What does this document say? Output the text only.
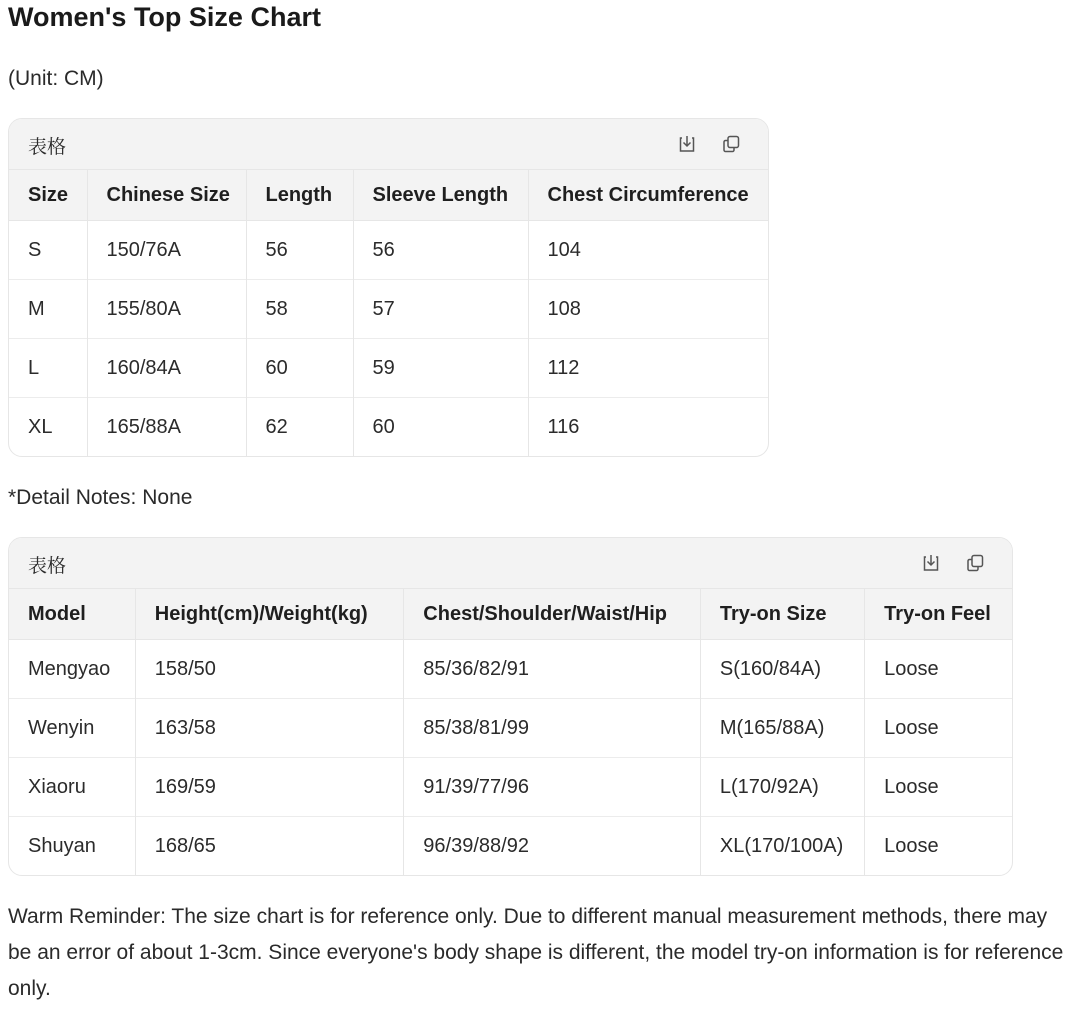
Women's Top Size Chart
(Unit: CM)
表格
Size	Chinese Size	Length	Sleeve Length	Chest Circumference
S	150/76A	56	56	104
M	155/80A	58	57	108
L	160/84A	60	59	112
XL	165/88A	62	60	116
*Detail Notes: None
表格
Model	Height(cm)/Weight(kg)	Chest/Shoulder/Waist/Hip	Try-on Size	Try-on Feel
Mengyao	158/50	85/36/82/91	S(160/84A)	Loose
Wenyin	163/58	85/38/81/99	M(165/88A)	Loose
Xiaoru	169/59	91/39/77/96	L(170/92A)	Loose
Shuyan	168/65	96/39/88/92	XL(170/100A)	Loose
Warm Reminder: The size chart is for reference only. Due to different manual measurement methods, there may be an error of about 1-3cm. Since everyone's body shape is different, the model try-on information is for reference only.
